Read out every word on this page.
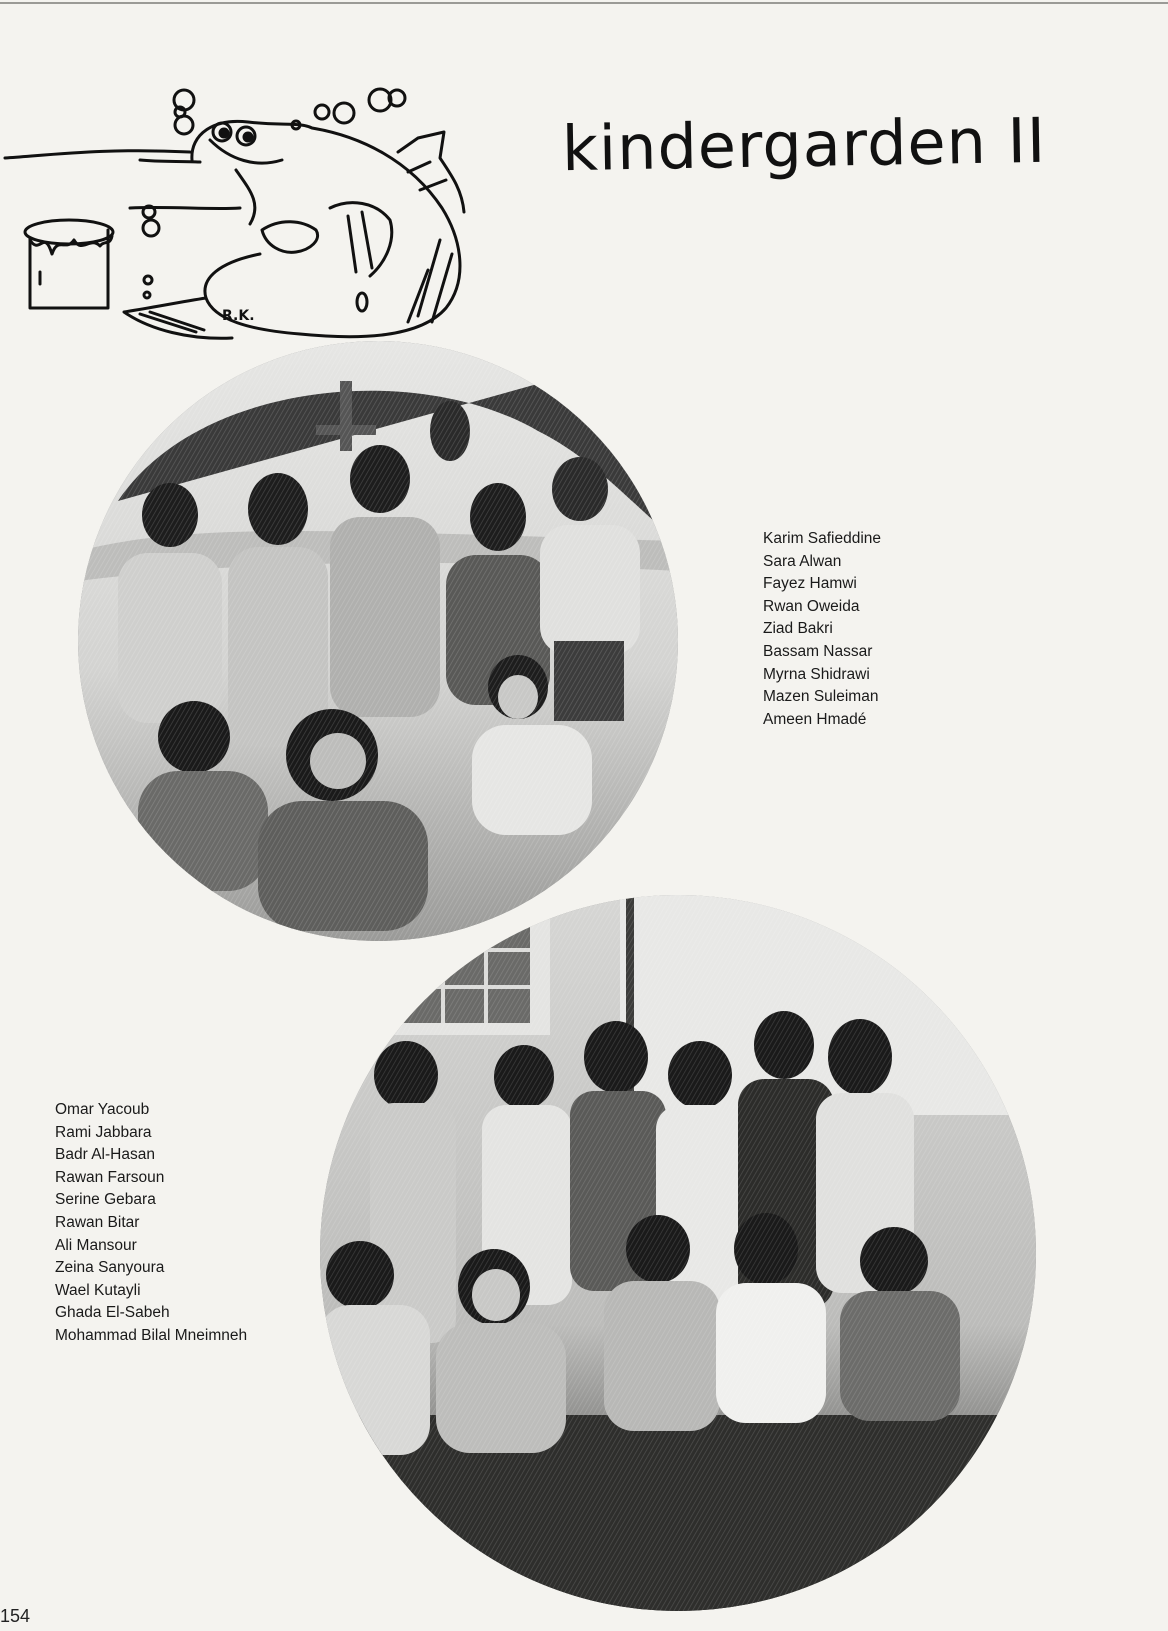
R.K.
kindergarden II
Karim Safieddine
Sara Alwan
Fayez Hamwi
Rwan Oweida
Ziad Bakri
Bassam Nassar
Myrna Shidrawi
Mazen Suleiman
Ameen Hmadé
Omar Yacoub
Rami Jabbara
Badr Al-Hasan
Rawan Farsoun
Serine Gebara
Rawan Bitar
Ali Mansour
Zeina Sanyoura
Wael Kutayli
Ghada El-Sabeh
Mohammad Bilal Mneimneh
154
